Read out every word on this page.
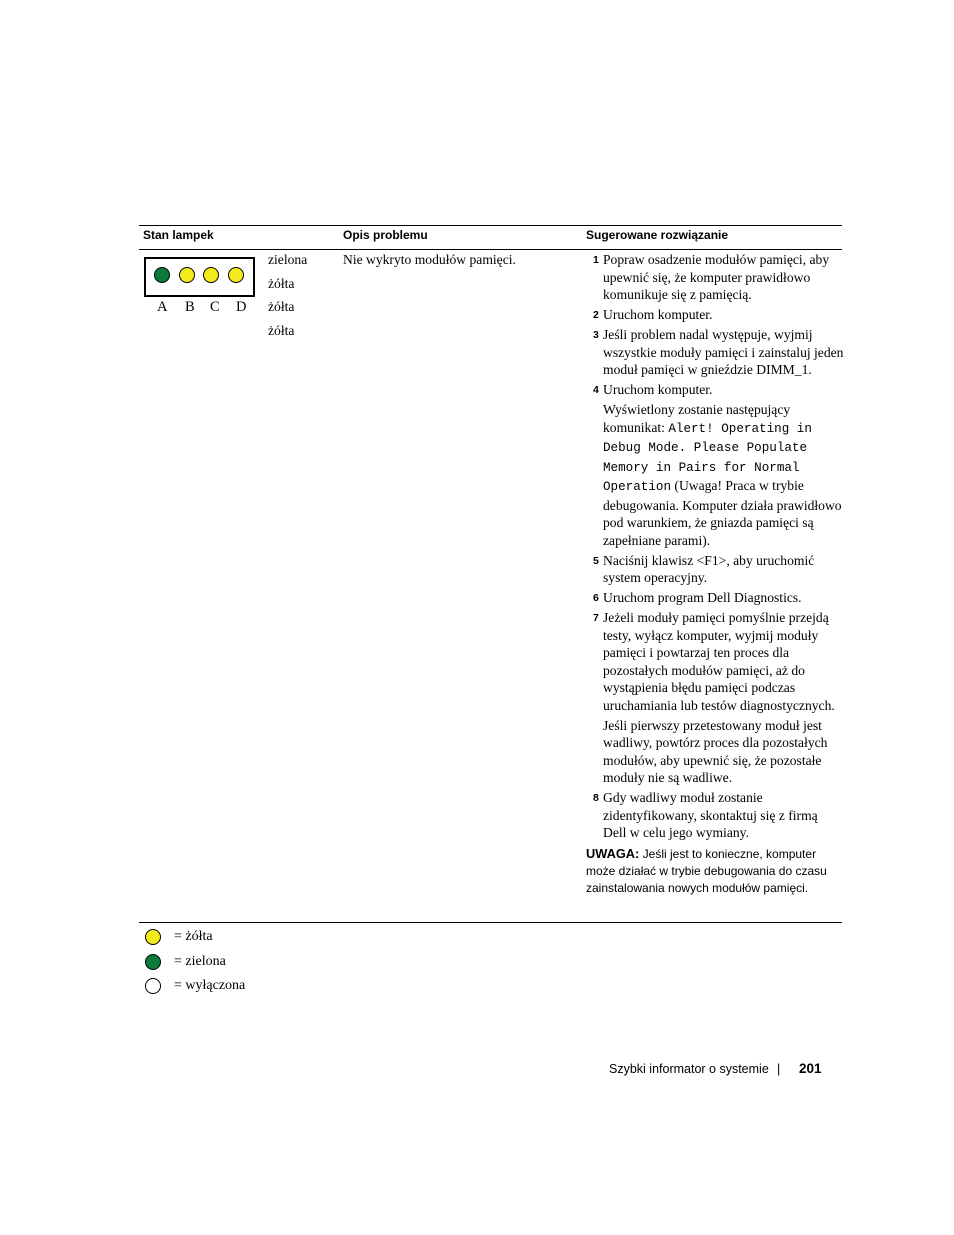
Stan lampek	Opis problemu	Sugerowane rozwiązanie
A B C D
zielona
żółta
żółta
żółta
Nie wykryto modułów pamięci.	1 Popraw osadzenie modułów pamięci, aby upewnić się, że komputer prawidłowo komunikuje się z pamięcią.
2 Uruchom komputer.
3 Jeśli problem nadal występuje, wyjmij wszystkie moduły pamięci i zainstaluj jeden moduł pamięci w gnieździe DIMM_1.
4 Uruchom komputer.
Wyświetlony zostanie następujący komunikat: Alert! Operating in Debug Mode. Please Populate Memory in Pairs for Normal Operation (Uwaga! Praca w trybie debugowania. Komputer działa prawidłowo pod warunkiem, że gniazda pamięci są zapełniane parami).
5 Naciśnij klawisz <F1>, aby uruchomić system operacyjny.
6 Uruchom program Dell Diagnostics.
7 Jeżeli moduły pamięci pomyślnie przejdą testy, wyłącz komputer, wyjmij moduły pamięci i powtarzaj ten proces dla pozostałych modułów pamięci, aż do wystąpienia błędu pamięci podczas uruchamiania lub testów diagnostycznych.
Jeśli pierwszy przetestowany moduł jest wadliwy, powtórz proces dla pozostałych modułów, aby upewnić się, że pozostałe moduły nie są wadliwe.
8 Gdy wadliwy moduł zostanie zidentyfikowany, skontaktuj się z firmą Dell w celu jego wymiany.
UWAGA: Jeśli jest to konieczne, komputer może działać w trybie debugowania do czasu zainstalowania nowych modułów pamięci.
= żółta
= zielona
= wyłączona
Szybki informator o systemie | 201
